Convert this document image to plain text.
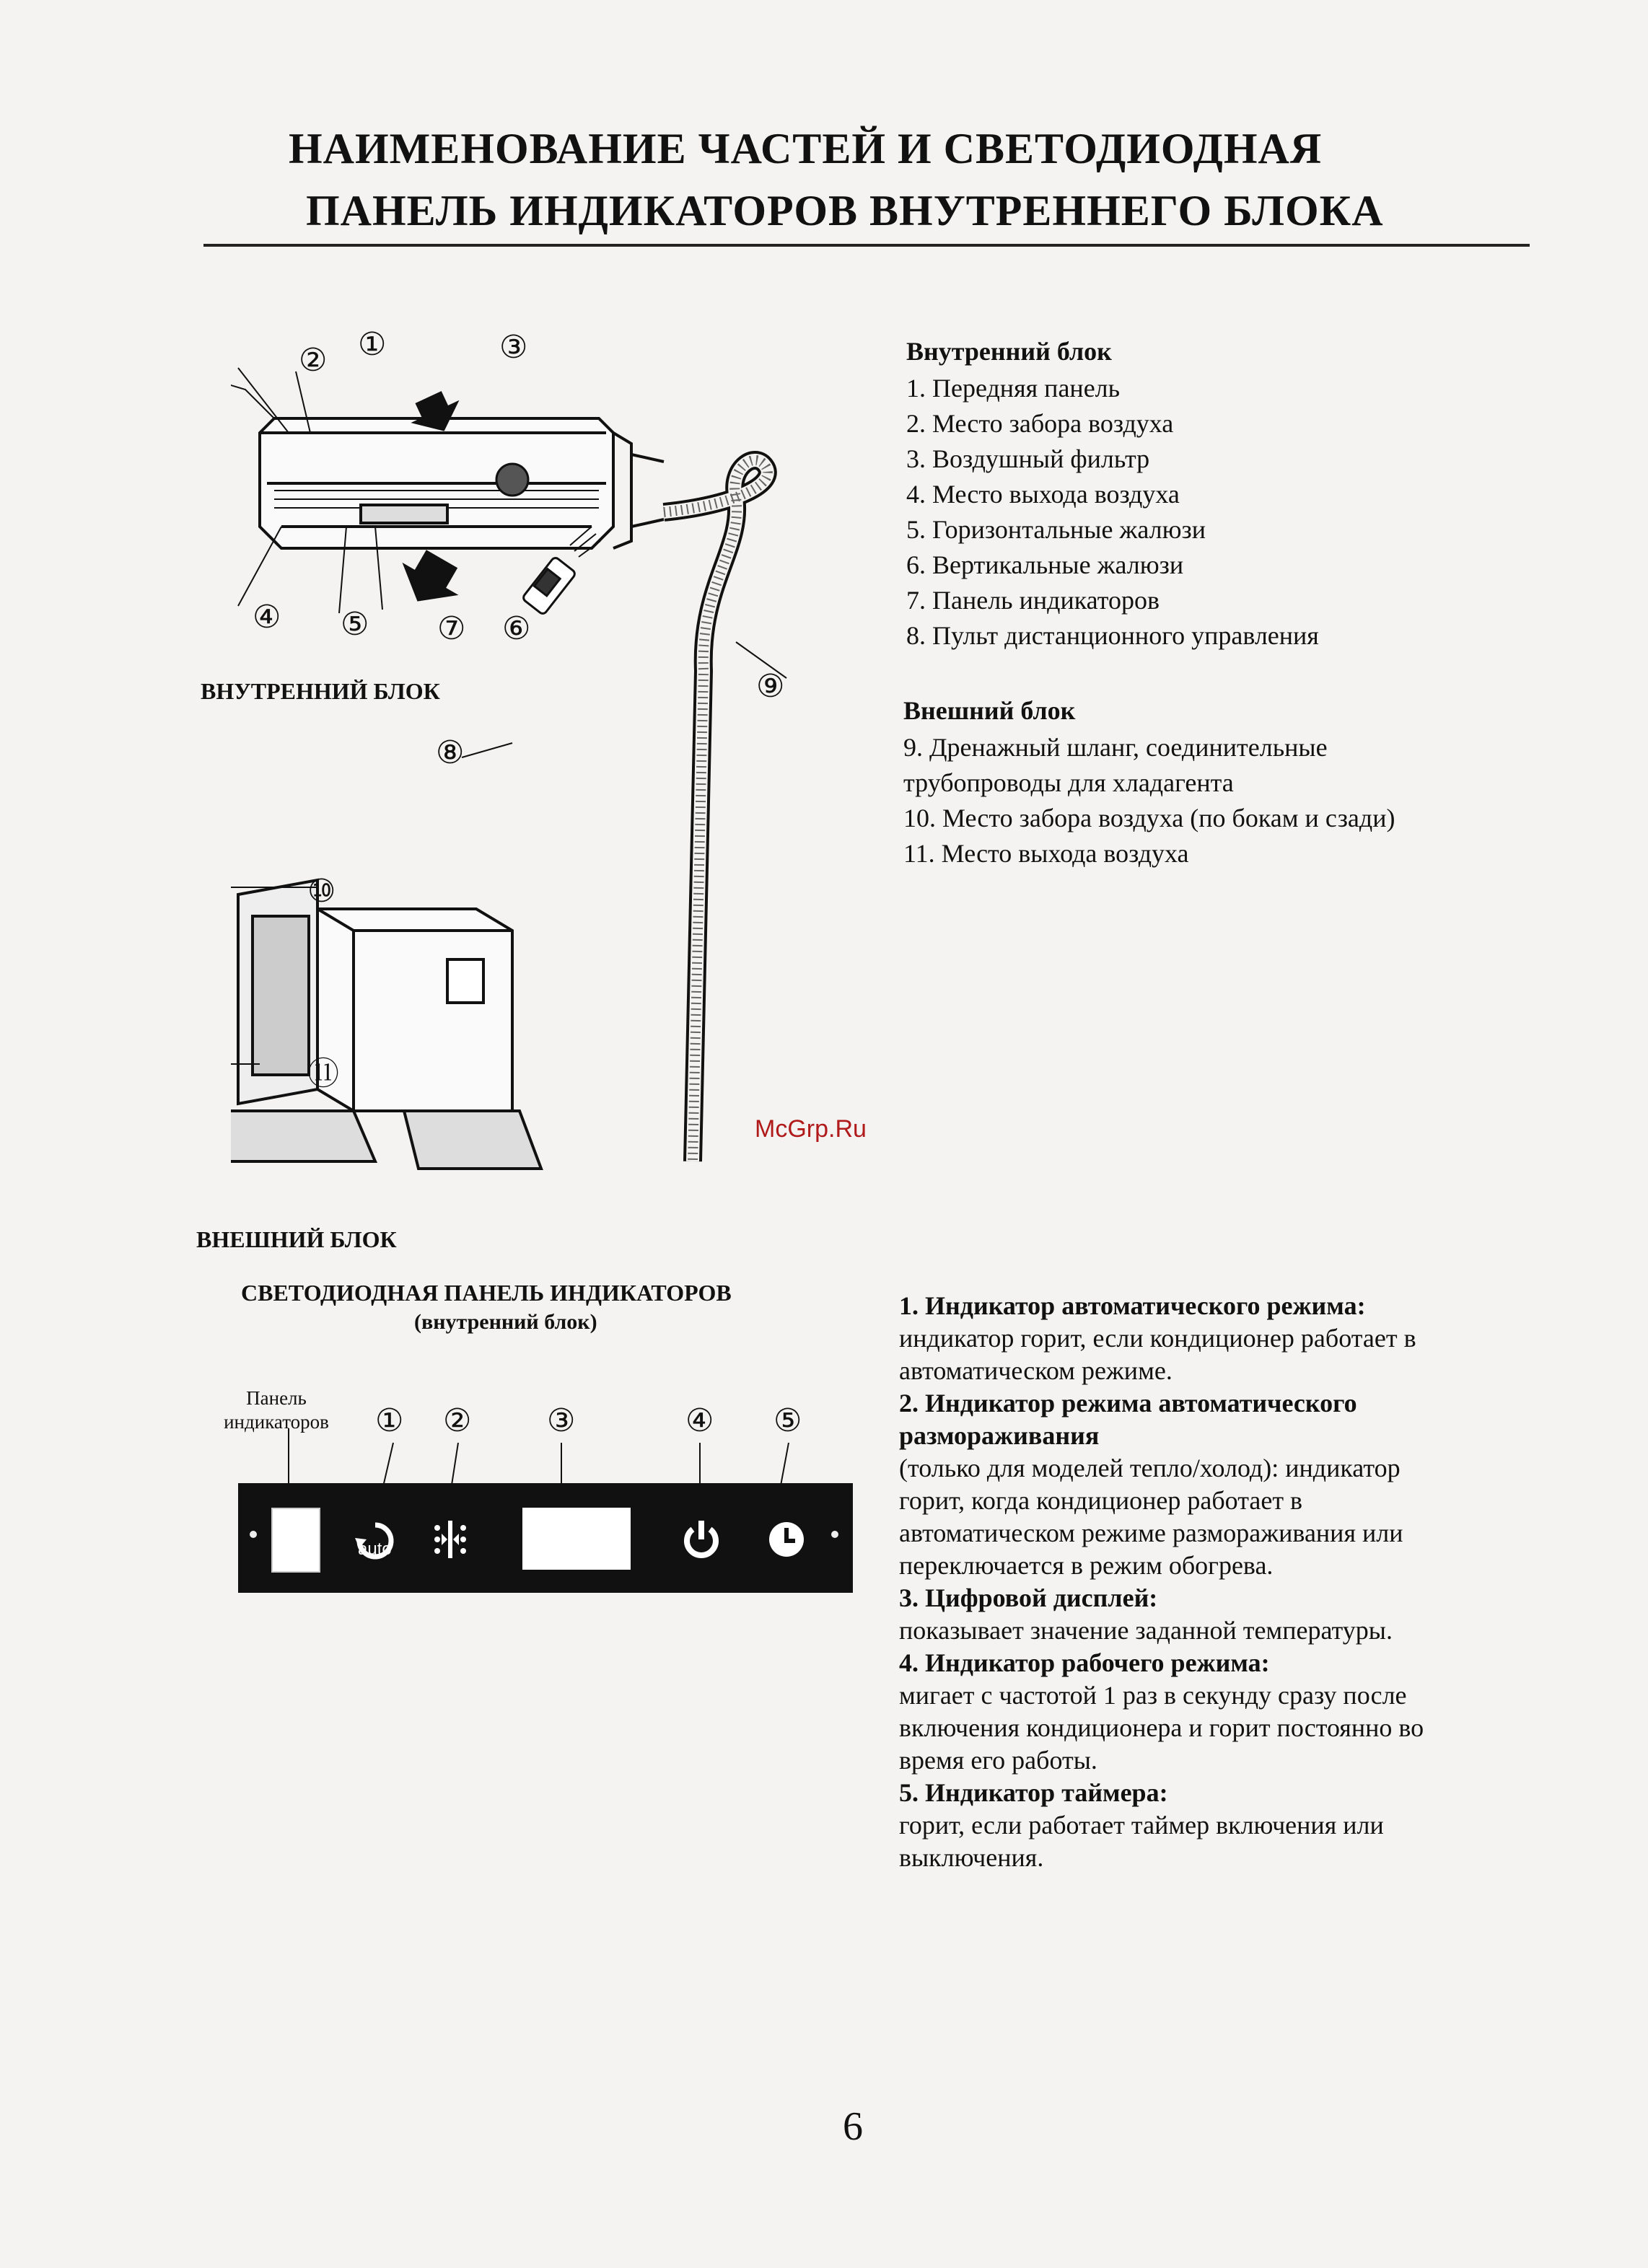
НАИМЕНОВАНИЕ ЧАСТЕЙ И СВЕТОДИОДНАЯ
ПАНЕЛЬ ИНДИКАТОРОВ ВНУТРЕННЕГО БЛОКА
Внутренний блок
1. Передняя панель
2. Место забора воздуха
3. Воздушный фильтр
4. Место выхода воздуха
5. Горизонтальные жалюзи
6. Вертикальные жалюзи
7. Панель индикаторов
8. Пульт дистанционного управления
Внешний блок
9. Дренажный шланг, соединительные
трубопроводы для хладагента
10. Место забора воздуха (по бокам и сзади)
11. Место выхода воздуха
② ①	③
④ ⑤ ⑦ ⑥
⑧
⑨
⑩
⑪
ВНУТРЕННИЙ БЛОК
ВНЕШНИЙ БЛОК
McGrp.Ru
СВЕТОДИОДНАЯ ПАНЕЛЬ ИНДИКАТОРОВ
(внутренний блок)
Панель
индикаторов	① ② ③	④ ⑤
auto

1. Индикатор автоматического режима:

индикатор горит, если кондиционер работает в

автоматическом режиме.

2. Индикатор режима автоматического

размораживания

(только для моделей тепло/холод): индикатор

горит, когда кондиционер работает в

автоматическом режиме размораживания или

переключается в режим обогрева.

3. Цифровой дисплей:

показывает значение заданной температуры.

4. Индикатор рабочего режима:

мигает с частотой 1 раз в секунду сразу после

включения кондиционера и горит постоянно во

время его работы.

5. Индикатор таймера:

горит, если работает таймер включения или

выключения.

6
